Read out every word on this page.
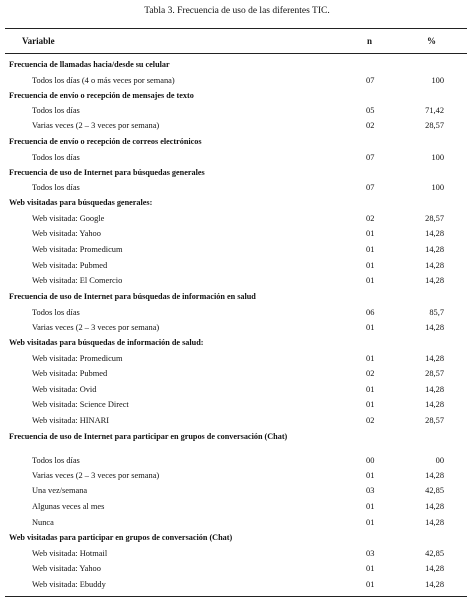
Tabla 3. Frecuencia de uso de las diferentes TIC.
Variable	n	%
Frecuencia de llamadas hacia/desde su celular
Todos los días (4 o más veces por semana)	07	100
Frecuencia de envío o recepción de mensajes de texto
Todos los días	05	71,42
Varias veces (2 – 3 veces por semana)	02	28,57
Frecuencia de envío o recepción de correos electrónicos
Todos los días	07	100
Frecuencia de uso de Internet para búsquedas generales
Todos los días	07	100
Web visitadas para búsquedas generales:
Web visitada: Google	02	28,57
Web visitada: Yahoo	01	14,28
Web visitada: Promedicum	01	14,28
Web visitada: Pubmed	01	14,28
Web visitada: El Comercio	01	14,28
Frecuencia de uso de Internet para búsquedas de información en salud
Todos los días	06	85,7
Varias veces (2 – 3 veces por semana)	01	14,28
Web visitadas para búsquedas de información de salud:
Web visitada: Promedicum	01	14,28
Web visitada: Pubmed	02	28,57
Web visitada: Ovid	01	14,28
Web visitada: Science Direct	01	14,28
Web visitada: HINARI	02	28,57
Frecuencia de uso de Internet para participar en grupos de conversación (Chat)
Todos los días	00	00
Varias veces (2 – 3 veces por semana)	01	14,28
Una vez/semana	03	42,85
Algunas veces al mes	01	14,28
Nunca	01	14,28
Web visitadas para participar en grupos de conversación (Chat)
Web visitada: Hotmail	03	42,85
Web visitada: Yahoo	01	14,28
Web visitada: Ebuddy	01	14,28
